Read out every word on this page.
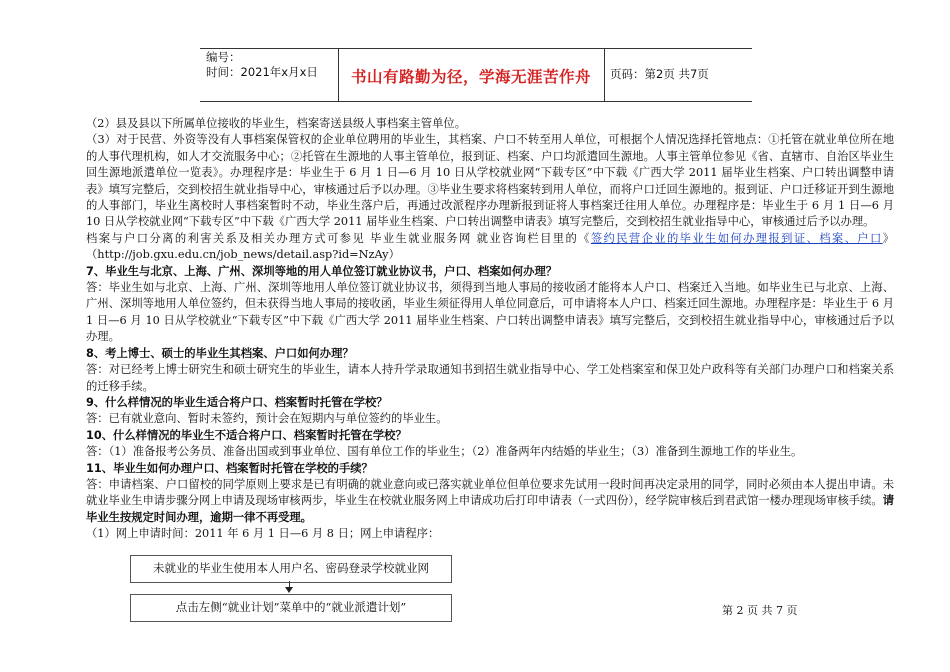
编号：
时间：2021年x月x日	书山有路勤为径，学海无涯苦作舟	页码：第2页 共7页

（2）县及县以下所属单位接收的毕业生，档案寄送县级人事档案主管单位。

（3）对于民营、外资等没有人事档案保管权的企业单位聘用的毕业生，其档案、户口不转至用人单位，可根据个人情况选择托管地点：①托管在就业单位所在地的人事代理机构，如人才交流服务中心；②托管在生源地的人事主管单位，报到证、档案、户口均派遣回生源地。人事主管单位参见《省、直辖市、自治区毕业生回生源地派遣单位一览表》。办理程序是：毕业生于 6 月 1 日—6 月 10 日从学校就业网“下载专区”中下载《广西大学 2011 届毕业生档案、户口转出调整申请表》填写完整后，交到校招生就业指导中心，审核通过后予以办理。③毕业生要求将档案转到用人单位，而将户口迁回生源地的。报到证、户口迁移证开到生源地的人事部门，毕业生离校时人事档案暂时不动，毕业生落户后，再通过改派程序办理新报到证将人事档案迁往用人单位。办理程序是：毕业生于 6 月 1 日—6 月 10 日从学校就业网“下载专区”中下载《广西大学 2011 届毕业生档案、户口转出调整申请表》填写完整后，交到校招生就业指导中心，审核通过后予以办理。

档案与户口分离的利害关系及相关办理方式可参见 毕业生就业服务网 就业咨询栏目里的《签约民营企业的毕业生如何办理报到证、档案、户口》（http://job.gxu.edu.cn/job_news/detail.asp?id=NzAy）

7、毕业生与北京、上海、广州、深圳等地的用人单位签订就业协议书，户口、档案如何办理？

答：毕业生如与北京、上海、广州、深圳等地用人单位签订就业协议书，须得到当地人事局的接收函才能将本人户口、档案迁入当地。如毕业生已与北京、上海、广州、深圳等地用人单位签约，但未获得当地人事局的接收函，毕业生须征得用人单位同意后，可申请将本人户口、档案迁回生源地。办理程序是：毕业生于 6 月 1 日—6 月 10 日从学校就业“下载专区”中下载《广西大学 2011 届毕业生档案、户口转出调整申请表》填写完整后，交到校招生就业指导中心，审核通过后予以办理。

8、考上博士、硕士的毕业生其档案、户口如何办理？

答：对已经考上博士研究生和硕士研究生的毕业生，请本人持升学录取通知书到招生就业指导中心、学工处档案室和保卫处户政科等有关部门办理户口和档案关系的迁移手续。

9、什么样情况的毕业生适合将户口、档案暂时托管在学校？

答：已有就业意向、暂时未签约，预计会在短期内与单位签约的毕业生。

10、什么样情况的毕业生不适合将户口、档案暂时托管在学校？

答：（1）准备报考公务员、准备出国或到事业单位、国有单位工作的毕业生；（2）准备两年内结婚的毕业生；（3）准备到生源地工作的毕业生。

11、毕业生如何办理户口、档案暂时托管在学校的手续？

答：申请档案、户口留校的同学原则上要求是已有明确的就业意向或已落实就业单位但单位要求先试用一段时间再决定录用的同学，同时必须由本人提出申请。未就业毕业生申请步骤分网上申请及现场审核两步，毕业生在校就业服务网上申请成功后打印申请表（一式四份），经学院审核后到君武馆一楼办理现场审核手续。请毕业生按规定时间办理，逾期一律不再受理。

（1）网上申请时间：2011 年 6 月 1 日—6 月 8 日；网上申请程序：

未就业的毕业生使用本人用户名、密码登录学校就业网
点击左侧“就业计划”菜单中的“就业派遣计划”	第 2 页 共 7 页
